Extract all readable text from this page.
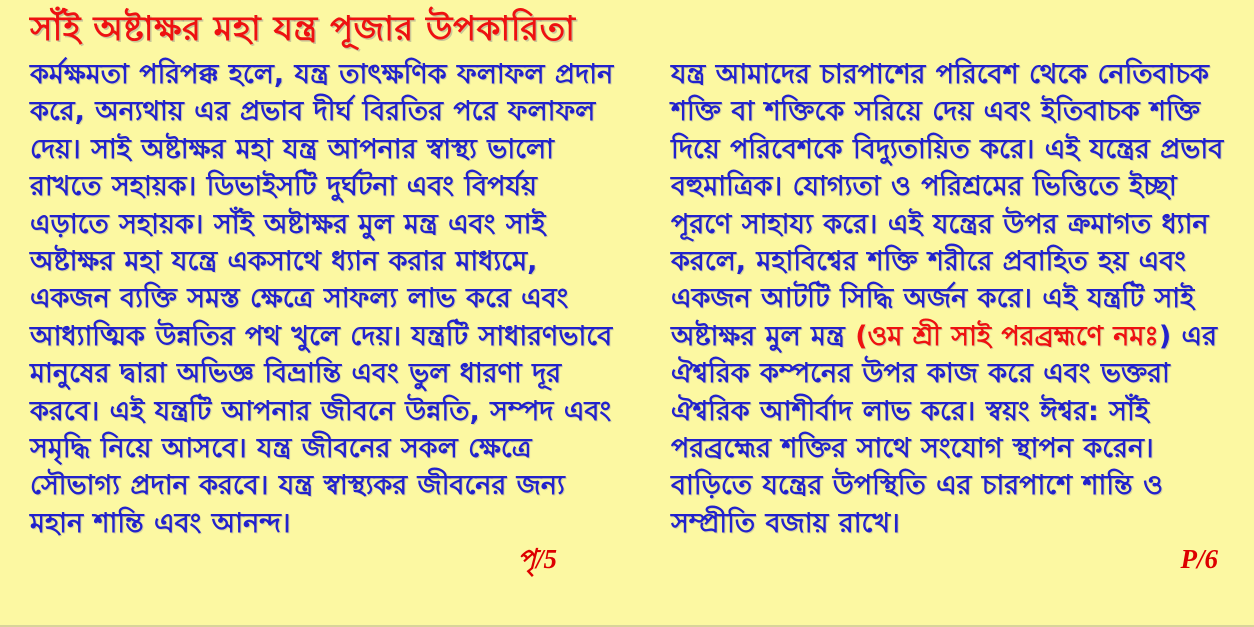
সাঁই অষ্টাক্ষর মহা যন্ত্র পূজার উপকারিতা

কর্মক্ষমতা পরিপক্ক হলে, যন্ত্র তাৎক্ষণিক ফলাফল প্রদান করে, অন্যথায় এর প্রভাব দীর্ঘ বিরতির পরে ফলাফল দেয়। সাই অষ্টাক্ষর মহা যন্ত্র আপনার স্বাস্থ্য ভালো রাখতে সহায়ক। ডিভাইসটি দুর্ঘটনা এবং বিপর্যয় এড়াতে সহায়ক। সাঁই অষ্টাক্ষর মুল মন্ত্র এবং সাই অষ্টাক্ষর মহা যন্ত্রে একসাথে ধ্যান করার মাধ্যমে, একজন ব্যক্তি সমস্ত ক্ষেত্রে সাফল্য লাভ করে এবং আধ্যাত্মিক উন্নতির পথ খুলে দেয়। যন্ত্রটি সাধারণভাবে মানুষের দ্বারা অভিজ্ঞ বিভ্রান্তি এবং ভুল ধারণা দূর করবে। এই যন্ত্রটি আপনার জীবনে উন্নতি, সম্পদ এবং সমৃদ্ধি নিয়ে আসবে। যন্ত্র জীবনের সকল ক্ষেত্রে সৌভাগ্য প্রদান করবে। যন্ত্র স্বাস্থ্যকর জীবনের জন্য মহান শান্তি এবং আনন্দ।

পৃ/5

যন্ত্র আমাদের চারপাশের পরিবেশ থেকে নেতিবাচক শক্তি বা শক্তিকে সরিয়ে দেয় এবং ইতিবাচক শক্তি দিয়ে পরিবেশকে বিদ্যুতায়িত করে। এই যন্ত্রের প্রভাব বহুমাত্রিক। যোগ্যতা ও পরিশ্রমের ভিত্তিতে ইচ্ছা পূরণে সাহায্য করে। এই যন্ত্রের উপর ক্রমাগত ধ্যান করলে, মহাবিশ্বের শক্তি শরীরে প্রবাহিত হয় এবং একজন আটটি সিদ্ধি অর্জন করে। এই যন্ত্রটি সাই অষ্টাক্ষর মুল মন্ত্র (ওম শ্রী সাই পরব্রহ্মণে নমঃ) এর ঐশ্বরিক কম্পনের উপর কাজ করে এবং ভক্তরা ঐশ্বরিক আশীর্বাদ লাভ করে। স্বয়ং ঈশ্বর: সাঁই পরব্রহ্মের শক্তির সাথে সংযোগ স্থাপন করেন। বাড়িতে যন্ত্রের উপস্থিতি এর চারপাশে শান্তি ও সম্প্রীতি বজায় রাখে।

P/6
